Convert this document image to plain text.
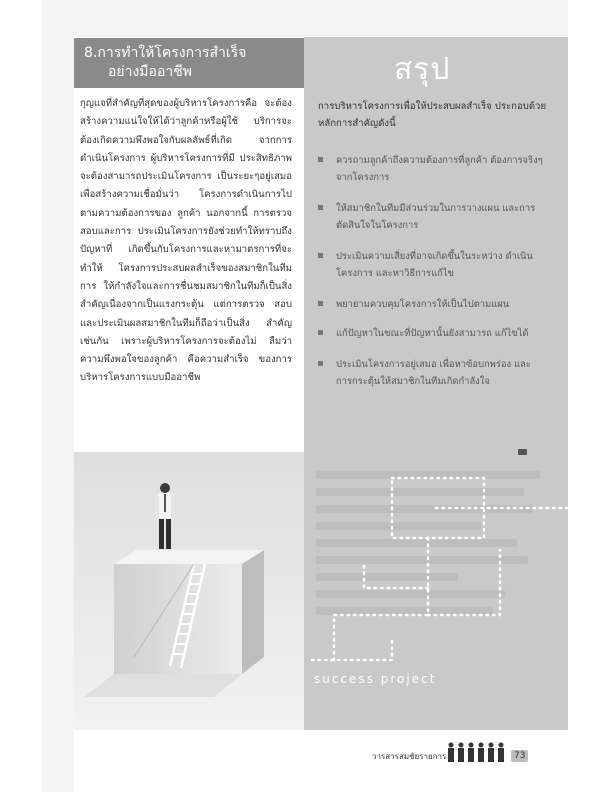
8.การทำให้โครงการสำเร็จ
อย่างมืออาชีพ	สรุป

กุญแจที่สำคัญที่สุดของผู้บริหารโครงการคือ จะต้องสร้างความแน่ใจให้ได้ว่าลูกค้าหรือผู้ใช้ บริการจะต้องเกิดความพึงพอใจกับผลลัพธ์ที่เกิด จากการดำเนินโครงการ ผู้บริหารโครงการที่มี ประสิทธิภาพจะต้องสามารถประเมินโครงการ เป็นระยะๆอยู่เสมอ เพื่อสร้างความเชื่อมั่นว่า โครงการดำเนินการไปตามความต้องการของ ลูกค้า นอกจากนี้ การตรวจสอบและการ ประเมินโครงการยังช่วยทำให้ทราบถึงปัญหาที่ เกิดขึ้นกับโครงการและหามาตรการที่จะทำให้ โครงการประสบผลสำเร็จของสมาชิกในทีม การ ให้กำลังใจและการชื่นชมสมาชิกในทีมก็เป็นสิ่ง สำคัญเนื่องจากเป็นแรงกระตุ้น แต่การตรวจ สอบและประเมินผลสมาชิกในทีมก็ถือว่าเป็นสิ่ง สำคัญเช่นกัน เพราะผู้บริหารโครงการจะต้องไม่ ลืมว่า ความพึงพอใจของลูกค้า คือความสำเร็จ ของการบริหารโครงการแบบมืออาชีพ

การบริหารโครงการเพื่อให้ประสบผลสำเร็จ ประกอบด้วยหลักการสำคัญดังนี้
ควรถามลูกค้าถึงความต้องการที่ลูกค้า ต้องการจริงๆจากโครงการ
ให้สมาชิกในทีมมีส่วนร่วมในการวางแผน และการตัดสินใจในโครงการ
ประเมินความเสี่ยงที่อาจเกิดขึ้นในระหว่าง ดำเนินโครงการ และหาวิธีการแก้ไข
พยายามควบคุมโครงการให้เป็นไปตามแผน
แก้ปัญหาในขณะที่ปัญหานั้นยังสามารถ แก้ไขได้
ประเมินโครงการอยู่เสมอ เพื่อหาข้อบกพร่อง และการกระตุ้นให้สมาชิกในทีมเกิดกำลังใจ
success project
วารสารสมชัยรายการ	73
